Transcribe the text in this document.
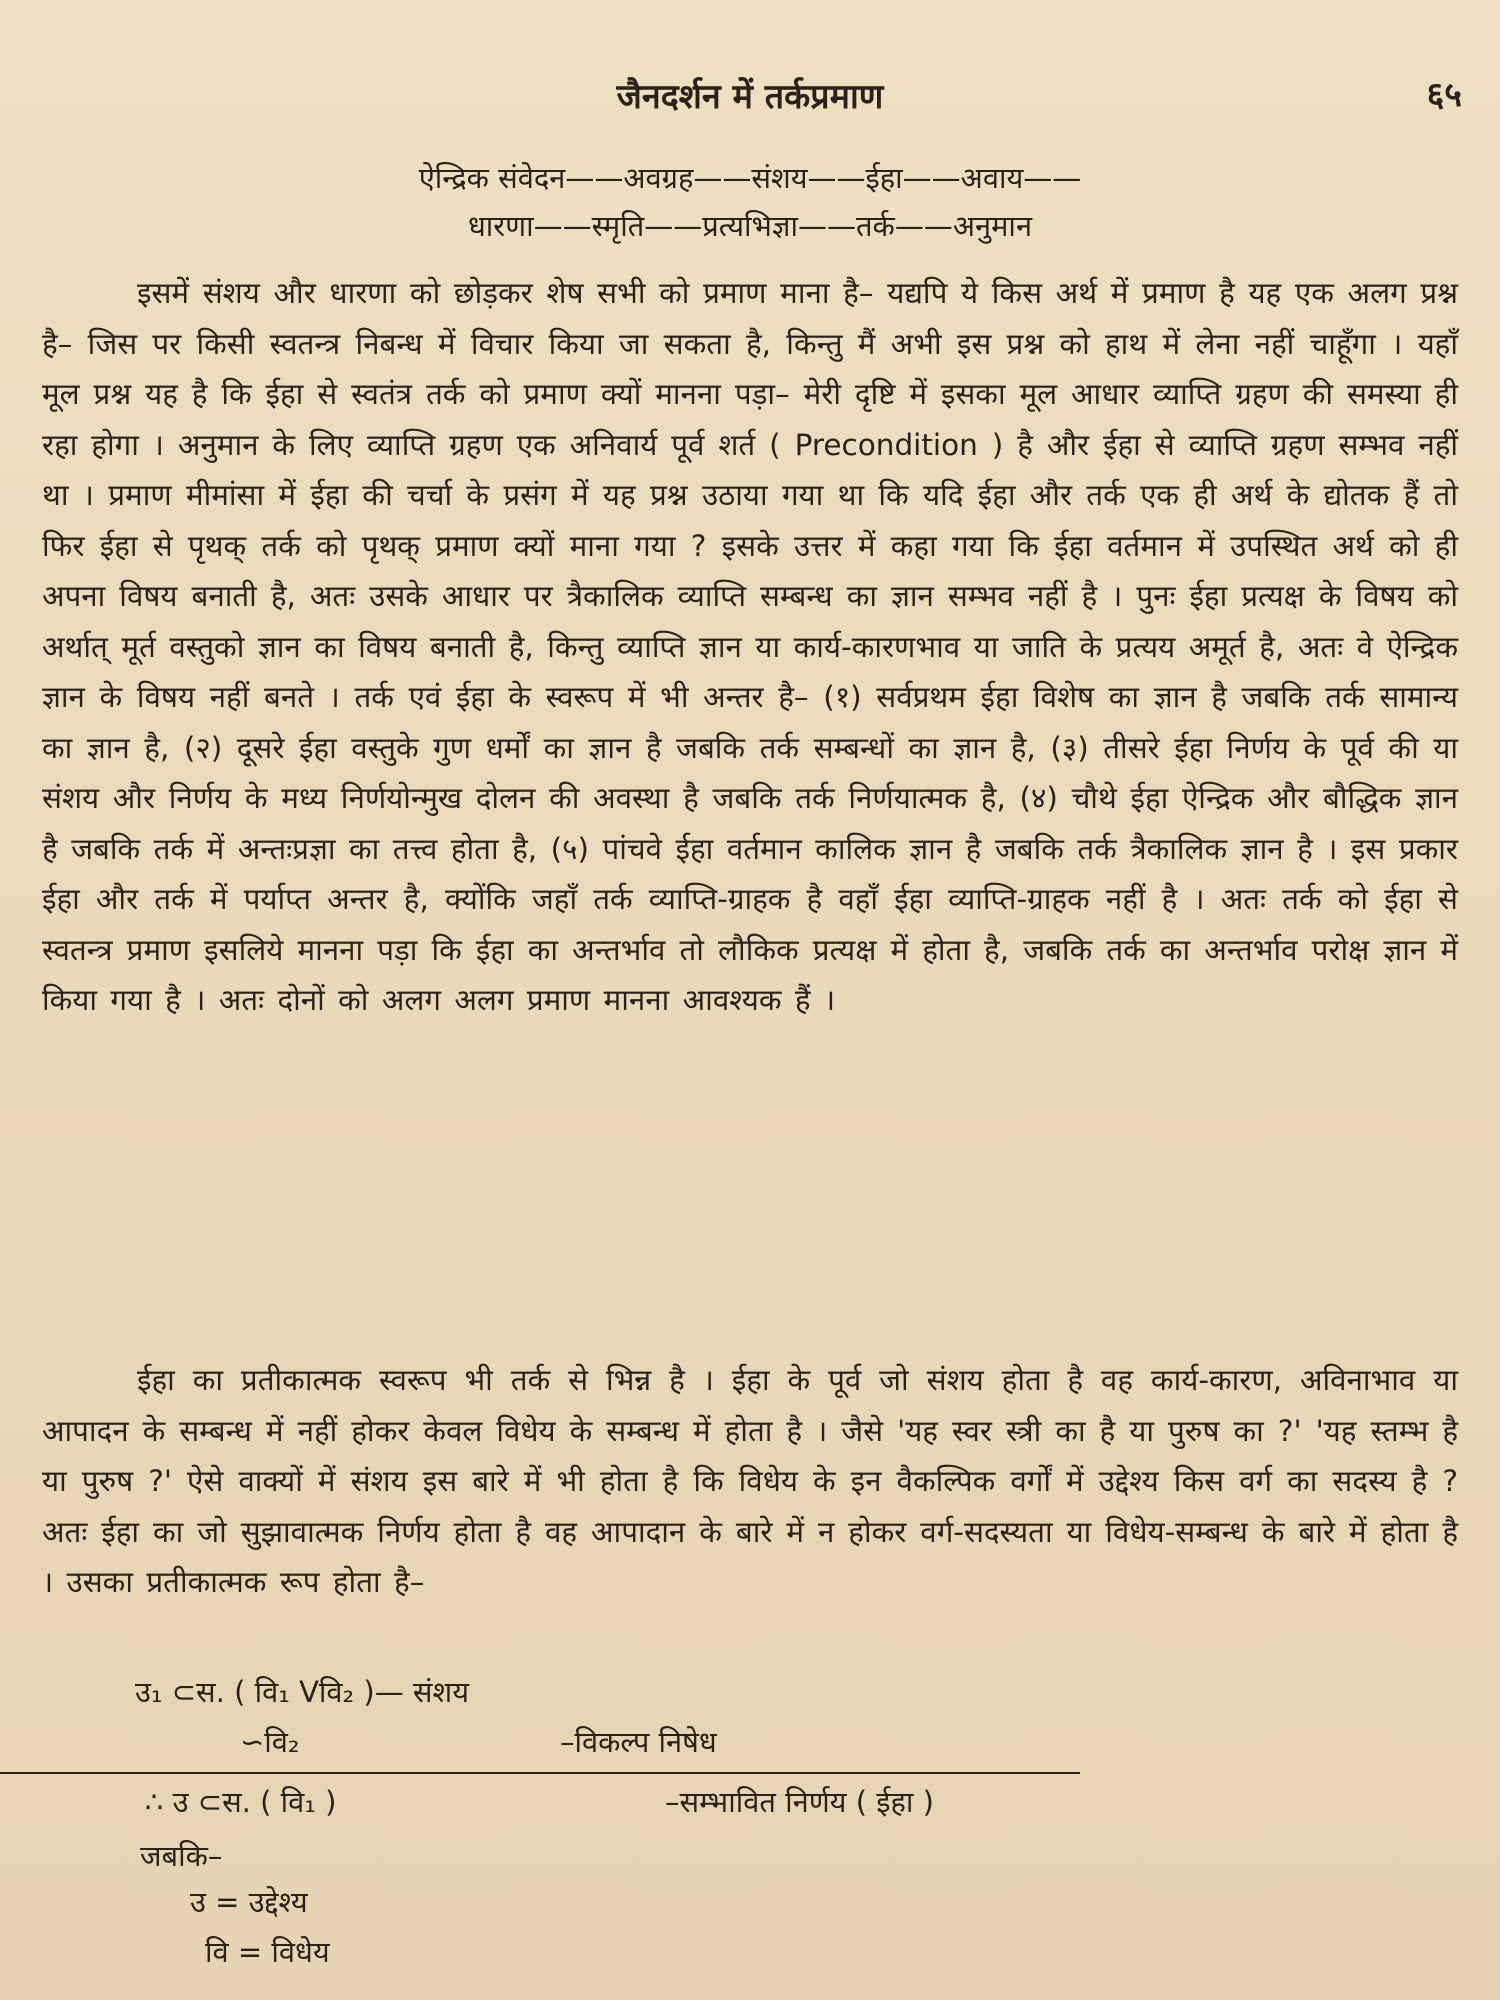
जैनदर्शन में तर्कप्रमाण	६५
ऐन्द्रिक संवेदन——अवग्रह——संशय——ईहा——अवाय——
धारणा——स्मृति——प्रत्यभिज्ञा——तर्क——अनुमान

इसमें संशय और धारणा को छोड़कर शेष सभी को प्रमाण माना है– यद्यपि ये किस अर्थ में प्रमाण है यह एक अलग प्रश्न है– जिस पर किसी स्वतन्त्र निबन्ध में विचार किया जा सकता है, किन्तु मैं अभी इस प्रश्न को हाथ में लेना नहीं चाहूँगा । यहाँ मूल प्रश्न यह है कि ईहा से स्वतंत्र तर्क को प्रमाण क्यों मानना पड़ा– मेरी दृष्टि में इसका मूल आधार व्याप्ति ग्रहण की समस्या ही रहा होगा । अनुमान के लिए व्याप्ति ग्रहण एक अनिवार्य पूर्व शर्त ( Precondition ) है और ईहा से व्याप्ति ग्रहण सम्भव नहीं था । प्रमाण मीमांसा में ईहा की चर्चा के प्रसंग में यह प्रश्न उठाया गया था कि यदि ईहा और तर्क एक ही अर्थ के द्योतक हैं तो फिर ईहा से पृथक् तर्क को पृथक् प्रमाण क्यों माना गया ? इसके उत्तर में कहा गया कि ईहा वर्तमान में उपस्थित अर्थ को ही अपना विषय बनाती है, अतः उसके आधार पर त्रैकालिक व्याप्ति सम्बन्ध का ज्ञान सम्भव नहीं है । पुनः ईहा प्रत्यक्ष के विषय को अर्थात् मूर्त वस्तुको ज्ञान का विषय बनाती है, किन्तु व्याप्ति ज्ञान या कार्य-कारणभाव या जाति के प्रत्यय अमूर्त है, अतः वे ऐन्द्रिक ज्ञान के विषय नहीं बनते । तर्क एवं ईहा के स्वरूप में भी अन्तर है– (१) सर्वप्रथम ईहा विशेष का ज्ञान है जबकि तर्क सामान्य का ज्ञान है, (२) दूसरे ईहा वस्तुके गुण धर्मों का ज्ञान है जबकि तर्क सम्बन्धों का ज्ञान है, (३) तीसरे ईहा निर्णय के पूर्व की या संशय और निर्णय के मध्य निर्णयोन्मुख दोलन की अवस्था है जबकि तर्क निर्णयात्मक है, (४) चौथे ईहा ऐन्द्रिक और बौद्धिक ज्ञान है जबकि तर्क में अन्तःप्रज्ञा का तत्त्व होता है, (५) पांचवे ईहा वर्तमान कालिक ज्ञान है जबकि तर्क त्रैकालिक ज्ञान है । इस प्रकार ईहा और तर्क में पर्याप्त अन्तर है, क्योंकि जहाँ तर्क व्याप्ति-ग्राहक है वहाँ ईहा व्याप्ति-ग्राहक नहीं है । अतः तर्क को ईहा से स्वतन्त्र प्रमाण इसलिये मानना पड़ा कि ईहा का अन्तर्भाव तो लौकिक प्रत्यक्ष में होता है, जबकि तर्क का अन्तर्भाव परोक्ष ज्ञान में किया गया है । अतः दोनों को अलग अलग प्रमाण मानना आवश्यक हैं ।

ईहा का प्रतीकात्मक स्वरूप भी तर्क से भिन्न है । ईहा के पूर्व जो संशय होता है वह कार्य-कारण, अविनाभाव या आपादन के सम्बन्ध में नहीं होकर केवल विधेय के सम्बन्ध में होता है । जैसे 'यह स्वर स्त्री का है या पुरुष का ?' 'यह स्तम्भ है या पुरुष ?' ऐसे वाक्यों में संशय इस बारे में भी होता है कि विधेय के इन वैकल्पिक वर्गों में उद्देश्य किस वर्ग का सदस्य है ? अतः ईहा का जो सुझावात्मक निर्णय होता है वह आपादान के बारे में न होकर वर्ग-सदस्यता या विधेय-सम्बन्ध के बारे में होता है । उसका प्रतीकात्मक रूप होता है–

उ₁ ⊂स. ( वि₁ Vवि₂ )— संशय
∽वि₂	–विकल्प निषेध
∴ उ ⊂स. ( वि₁ )	–सम्भावित निर्णय ( ईहा )
जबकि–
उ = उद्देश्य
वि = विधेय
